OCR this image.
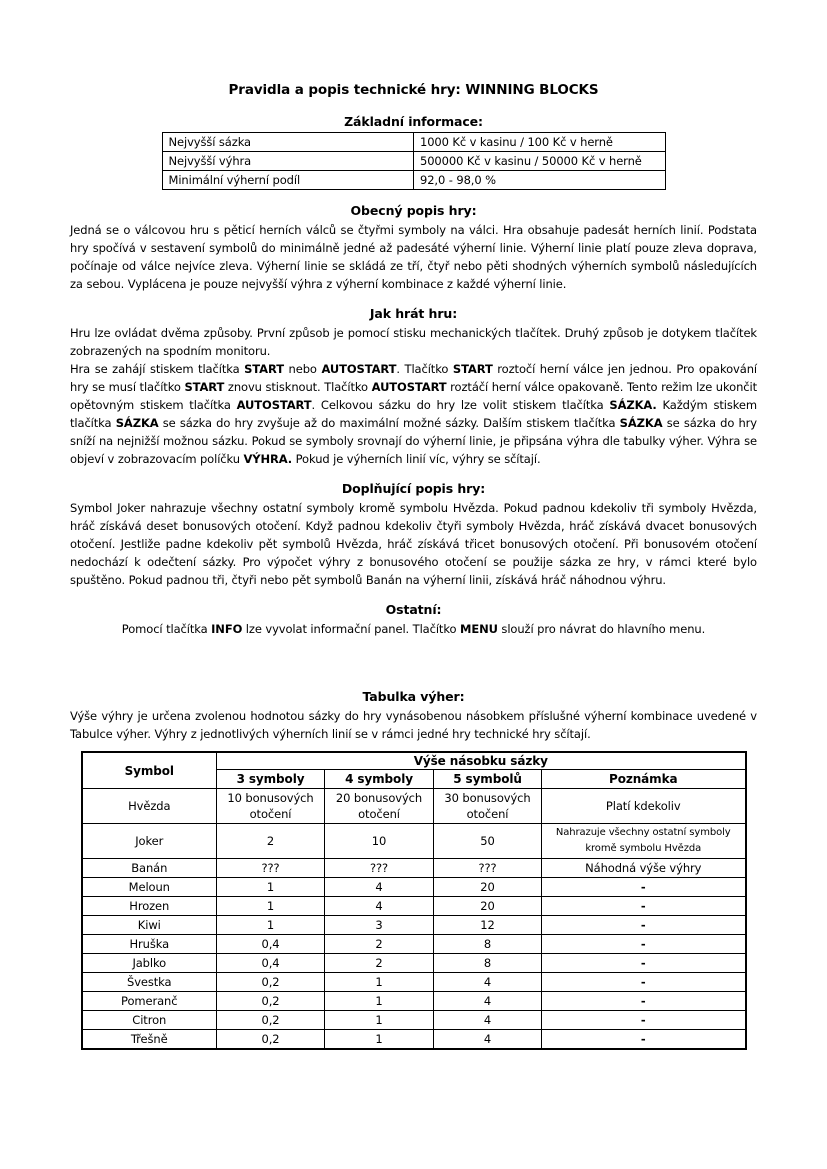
Pravidla a popis technické hry: WINNING BLOCKS
Základní informace:
Nejvyšší sázka	1000 Kč v kasinu / 100 Kč v herně
Nejvyšší výhra	500000 Kč v kasinu / 50000 Kč v herně
Minimální výherní podíl	92,0 - 98,0 %
Obecný popis hry:

Jedná se o válcovou hru s pěticí herních válců se čtyřmi symboly na válci. Hra obsahuje padesát herních linií. Podstata hry spočívá v sestavení symbolů do minimálně jedné až padesáté výherní linie. Výherní linie platí pouze zleva doprava, počínaje od válce nejvíce zleva. Výherní linie se skládá ze tří, čtyř nebo pěti shodných výherních symbolů následujících za sebou. Vyplácena je pouze nejvyšší výhra z výherní kombinace z každé výherní linie.

Jak hrát hru:

Hru lze ovládat dvěma způsoby. První způsob je pomocí stisku mechanických tlačítek. Druhý způsob je dotykem tlačítek zobrazených na spodním monitoru.

Hra se zahájí stiskem tlačítka START nebo AUTOSTART. Tlačítko START roztočí herní válce jen jednou. Pro opakování hry se musí tlačítko START znovu stisknout. Tlačítko AUTOSTART roztáčí herní válce opakovaně. Tento režim lze ukončit opětovným stiskem tlačítka AUTOSTART. Celkovou sázku do hry lze volit stiskem tlačítka SÁZKA. Každým stiskem tlačítka SÁZKA se sázka do hry zvyšuje až do maximální možné sázky. Dalším stiskem tlačítka SÁZKA se sázka do hry sníží na nejnižší možnou sázku. Pokud se symboly srovnají do výherní linie, je připsána výhra dle tabulky výher. Výhra se objeví v zobrazovacím políčku VÝHRA. Pokud je výherních linií víc, výhry se sčítají.

Doplňující popis hry:

Symbol Joker nahrazuje všechny ostatní symboly kromě symbolu Hvězda. Pokud padnou kdekoliv tři symboly Hvězda, hráč získává deset bonusových otočení. Když padnou kdekoliv čtyři symboly Hvězda, hráč získává dvacet bonusových otočení. Jestliže padne kdekoliv pět symbolů Hvězda, hráč získává třicet bonusových otočení. Při bonusovém otočení nedochází k odečtení sázky. Pro výpočet výhry z bonusového otočení se použije sázka ze hry, v rámci které bylo spuštěno. Pokud padnou tři, čtyři nebo pět symbolů Banán na výherní linii, získává hráč náhodnou výhru.

Ostatní:

Pomocí tlačítka INFO lze vyvolat informační panel. Tlačítko MENU slouží pro návrat do hlavního menu.

Tabulka výher:

Výše výhry je určena zvolenou hodnotou sázky do hry vynásobenou násobkem příslušné výherní kombinace uvedené v Tabulce výher. Výhry z jednotlivých výherních linií se v rámci jedné hry technické hry sčítají.

Symbol	Výše násobku sázky			
	3 symboly	4 symboly	5 symbolů	Poznámka
Hvězda	10 bonusových otočení	20 bonusových otočení	30 bonusových otočení	Platí kdekoliv
Joker	2	10	50	Nahrazuje všechny ostatní symboly kromě symbolu Hvězda
Banán	???	???	???	Náhodná výše výhry
Meloun	1	4	20	-
Hrozen	1	4	20	-
Kiwi	1	3	12	-
Hruška	0,4	2	8	-
Jablko	0,4	2	8	-
Švestka	0,2	1	4	-
Pomeranč	0,2	1	4	-
Citron	0,2	1	4	-
Třešně	0,2	1	4	-
